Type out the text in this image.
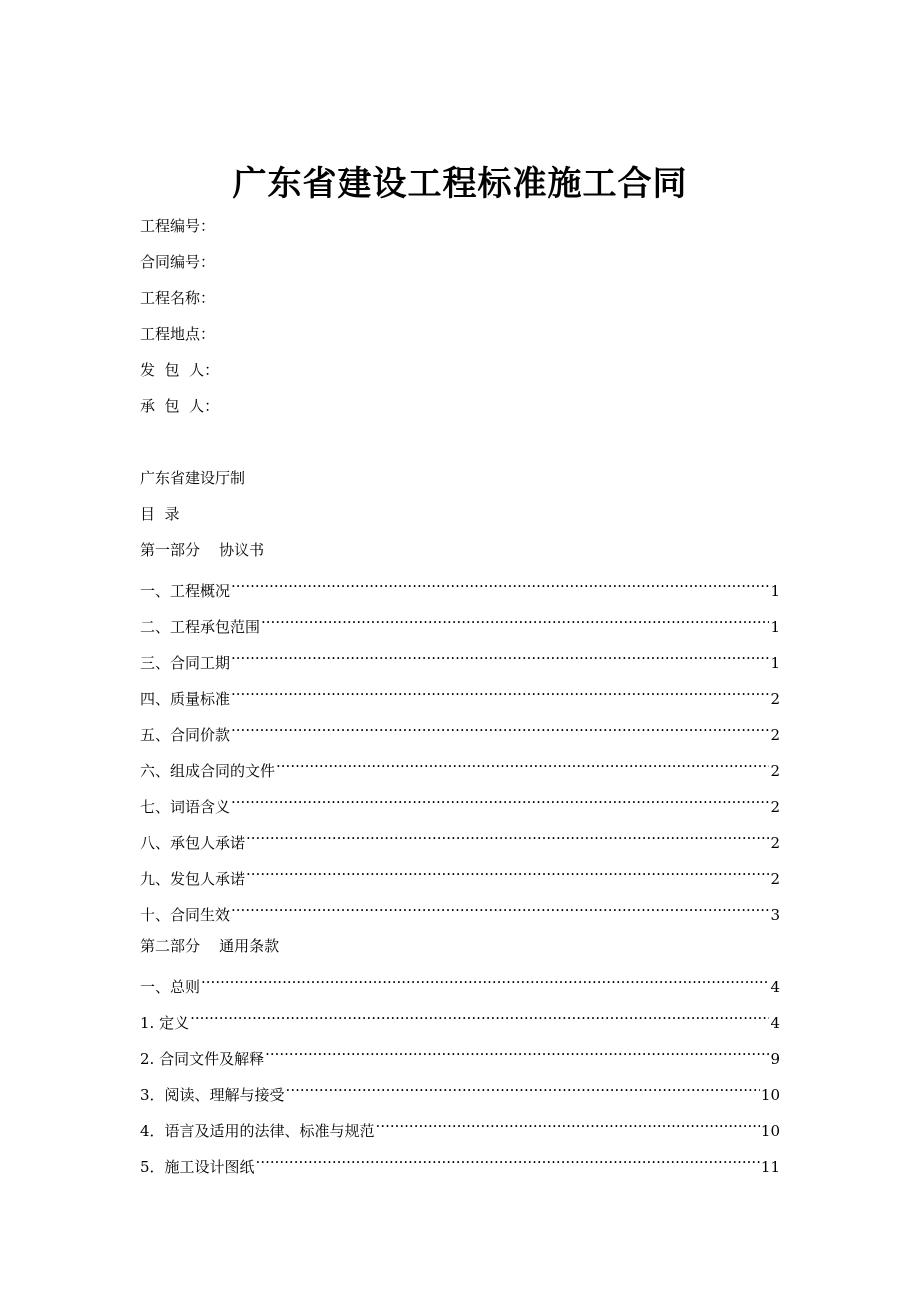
广东省建设工程标准施工合同
工程编号：
合同编号：
工程名称：
工程地点：
发  包  人：
承  包  人：
广东省建设厅制
目  录
第一部分    协议书
一、工程概况 ·····	1
二、工程承包范围 ·····	1
三、合同工期 ·····	1
四、质量标准 ·····	2
五、合同价款 ·····	2
六、组成合同的文件 ·····	2
七、词语含义 ·····	2
八、承包人承诺 ·····	2
九、发包人承诺 ·····	2
十、合同生效 ·····	3
第二部分    通用条款
一、总则 ·····	4
1. 定义 ·····	4
2. 合同文件及解释 ·····	9
3．阅读、理解与接受 ·····	10
4．语言及适用的法律、标准与规范 ·····	10
5．施工设计图纸 ·····	11
